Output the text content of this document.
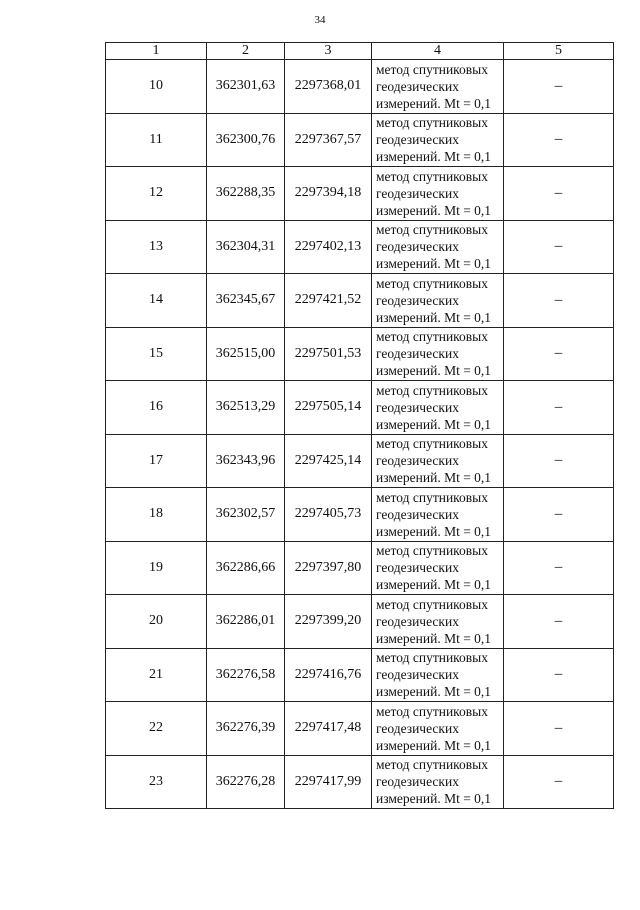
34
1	2	3	4	5
10	362301,63	2297368,01	метод спутниковых
геодезических
измерений. Mt = 0,1	–
11	362300,76	2297367,57	метод спутниковых
геодезических
измерений. Mt = 0,1	–
12	362288,35	2297394,18	метод спутниковых
геодезических
измерений. Mt = 0,1	–
13	362304,31	2297402,13	метод спутниковых
геодезических
измерений. Mt = 0,1	–
14	362345,67	2297421,52	метод спутниковых
геодезических
измерений. Mt = 0,1	–
15	362515,00	2297501,53	метод спутниковых
геодезических
измерений. Mt = 0,1	–
16	362513,29	2297505,14	метод спутниковых
геодезических
измерений. Mt = 0,1	–
17	362343,96	2297425,14	метод спутниковых
геодезических
измерений. Mt = 0,1	–
18	362302,57	2297405,73	метод спутниковых
геодезических
измерений. Mt = 0,1	–
19	362286,66	2297397,80	метод спутниковых
геодезических
измерений. Mt = 0,1	–
20	362286,01	2297399,20	метод спутниковых
геодезических
измерений. Mt = 0,1	–
21	362276,58	2297416,76	метод спутниковых
геодезических
измерений. Mt = 0,1	–
22	362276,39	2297417,48	метод спутниковых
геодезических
измерений. Mt = 0,1	–
23	362276,28	2297417,99	метод спутниковых
геодезических
измерений. Mt = 0,1	–
